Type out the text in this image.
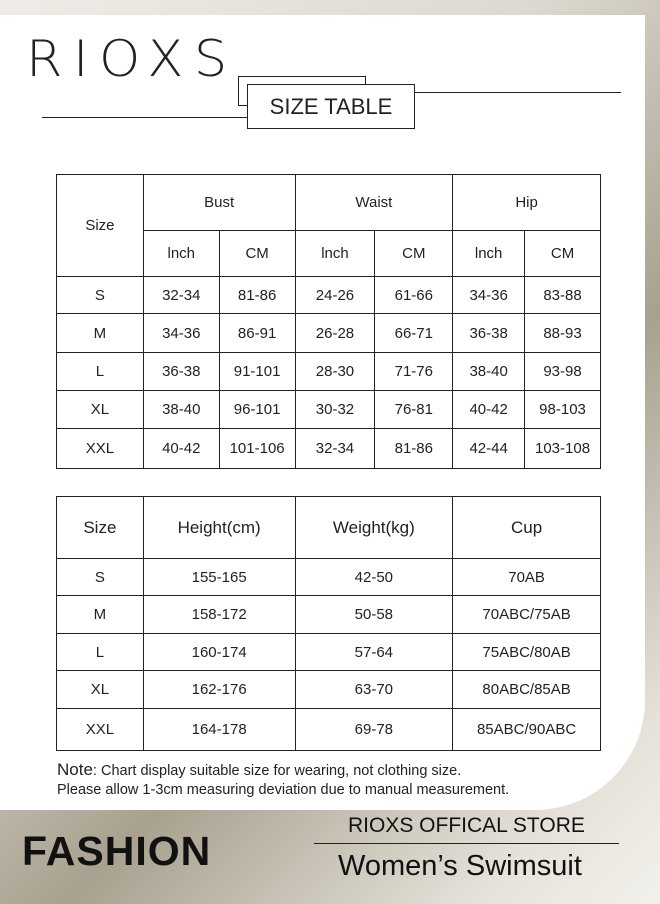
RIOXS
SIZE TABLE
Size	Bust		Waist		Hip	
	lnch	CM	lnch	CM	lnch	CM
S	32-34	81-86	24-26	61-66	34-36	83-88
M	34-36	86-91	26-28	66-71	36-38	88-93
L	36-38	91-101	28-30	71-76	38-40	93-98
XL	38-40	96-101	30-32	76-81	40-42	98-103
XXL	40-42	101-106	32-34	81-86	42-44	103-108
Size	Height(cm)	Weight(kg)	Cup
S	155-165	42-50	70AB
M	158-172	50-58	70ABC/75AB
L	160-174	57-64	75ABC/80AB
XL	162-176	63-70	80ABC/85AB
XXL	164-178	69-78	85ABC/90ABC
Note: Chart display suitable size for wearing, not clothing size.
Please allow 1-3cm measuring deviation due to manual measurement.
FASHION
RIOXS OFFICAL STORE
Women’s Swimsuit
